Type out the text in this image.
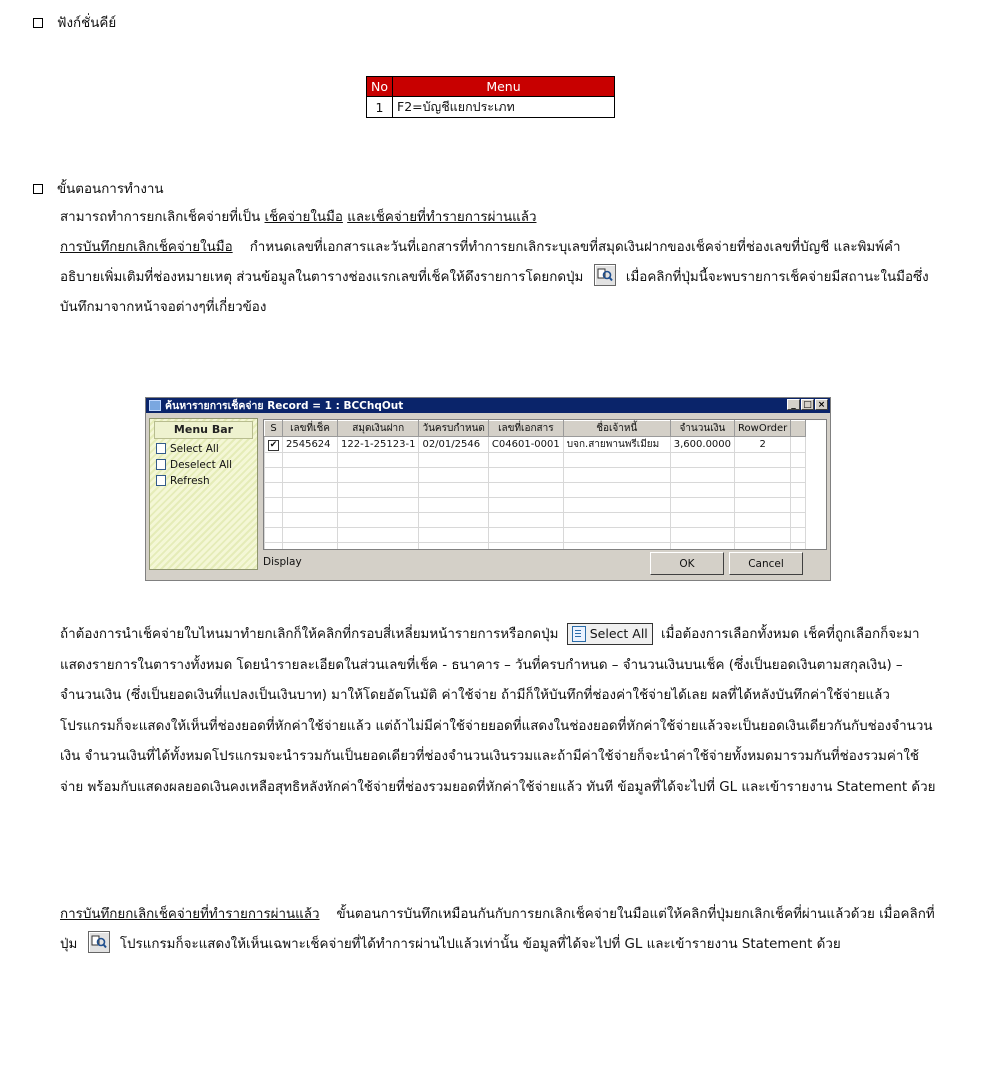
ฟังก์ชั่นคีย์
No	Menu
1	F2=บัญชีแยกประเภท
ขั้นตอนการทำงาน
สามารถทำการยกเลิกเช็คจ่ายที่เป็น เช็คจ่ายในมือ และเช็คจ่ายที่ทำรายการผ่านแล้ว
การบันทึกยกเลิกเช็คจ่ายในมือ กำหนดเลขที่เอกสารและวันที่เอกสารที่ทำการยกเลิกระบุเลขที่สมุดเงินฝากของเช็คจ่ายที่ช่องเลขที่บัญชี และพิมพ์คำอธิบายเพิ่มเติมที่ช่องหมายเหตุ ส่วนข้อมูลในตารางช่องแรกเลขที่เช็คให้ดึงรายการโดยกดปุ่ม	เมื่อคลิกที่ปุ่มนี้จะพบรายการเช็คจ่ายมีสถานะในมือซึ่งบันทึกมาจากหน้าจอต่างๆที่เกี่ยวข้อง
ค้นหารายการเช็คจ่าย Record = 1 : BCChqOut	_ □ ×
Menu Bar
Select All
Deselect All
Refresh
S	เลขที่เช็ค	สมุดเงินฝาก	วันครบกำหนด	เลขที่เอกสาร	ชื่อเจ้าหนี้	จำนวนเงิน	RowOrder	
✔	2545624	122-1-25123-1	02/01/2546	C04601-0001	บจก.สายพานพรีเมียม	3,600.0000	2	

Display	OK	Cancel
ถ้าต้องการนำเช็คจ่ายใบไหนมาทำยกเลิกก็ให้คลิกที่กรอบสี่เหลี่ยมหน้ารายการหรือกดปุ่ม	Select All เมื่อต้องการเลือกทั้งหมด เช็คที่ถูกเลือกก็จะมาแสดงรายการในตารางทั้งหมด โดยนำรายละเอียดในส่วนเลขที่เช็ค - ธนาคาร – วันที่ครบกำหนด – จำนวนเงินบนเช็ค (ซึ่งเป็นยอดเงินตามสกุลเงิน) – จำนวนเงิน (ซึ่งเป็นยอดเงินที่แปลงเป็นเงินบาท) มาให้โดยอัตโนมัติ ค่าใช้จ่าย ถ้ามีก็ให้บันทึกที่ช่องค่าใช้จ่ายได้เลย ผลที่ได้หลังบันทึกค่าใช้จ่ายแล้วโปรแกรมก็จะแสดงให้เห็นที่ช่องยอดที่หักค่าใช้จ่ายแล้ว แต่ถ้าไม่มีค่าใช้จ่ายยอดที่แสดงในช่องยอดที่หักค่าใช้จ่ายแล้วจะเป็นยอดเงินเดียวกันกับช่องจำนวนเงิน จำนวนเงินที่ได้ทั้งหมดโปรแกรมจะนำรวมกันเป็นยอดเดียวที่ช่องจำนวนเงินรวมและถ้ามีค่าใช้จ่ายก็จะนำค่าใช้จ่ายทั้งหมดมารวมกันที่ช่องรวมค่าใช้จ่าย พร้อมกับแสดงผลยอดเงินคงเหลือสุทธิหลังหักค่าใช้จ่ายที่ช่องรวมยอดที่หักค่าใช้จ่ายแล้ว ทันที ข้อมูลที่ได้จะไปที่ GL และเข้ารายงาน Statement ด้วย
การบันทึกยกเลิกเช็คจ่ายที่ทำรายการผ่านแล้ว ขั้นตอนการบันทึกเหมือนกันกับการยกเลิกเช็คจ่ายในมือแต่ให้คลิกที่ปุ่มยกเลิกเช็คที่ผ่านแล้วด้วย เมื่อคลิกที่ปุ่ม	โปรแกรมก็จะแสดงให้เห็นเฉพาะเช็คจ่ายที่ได้ทำการผ่านไปแล้วเท่านั้น ข้อมูลที่ได้จะไปที่ GL และเข้ารายงาน Statement ด้วย
